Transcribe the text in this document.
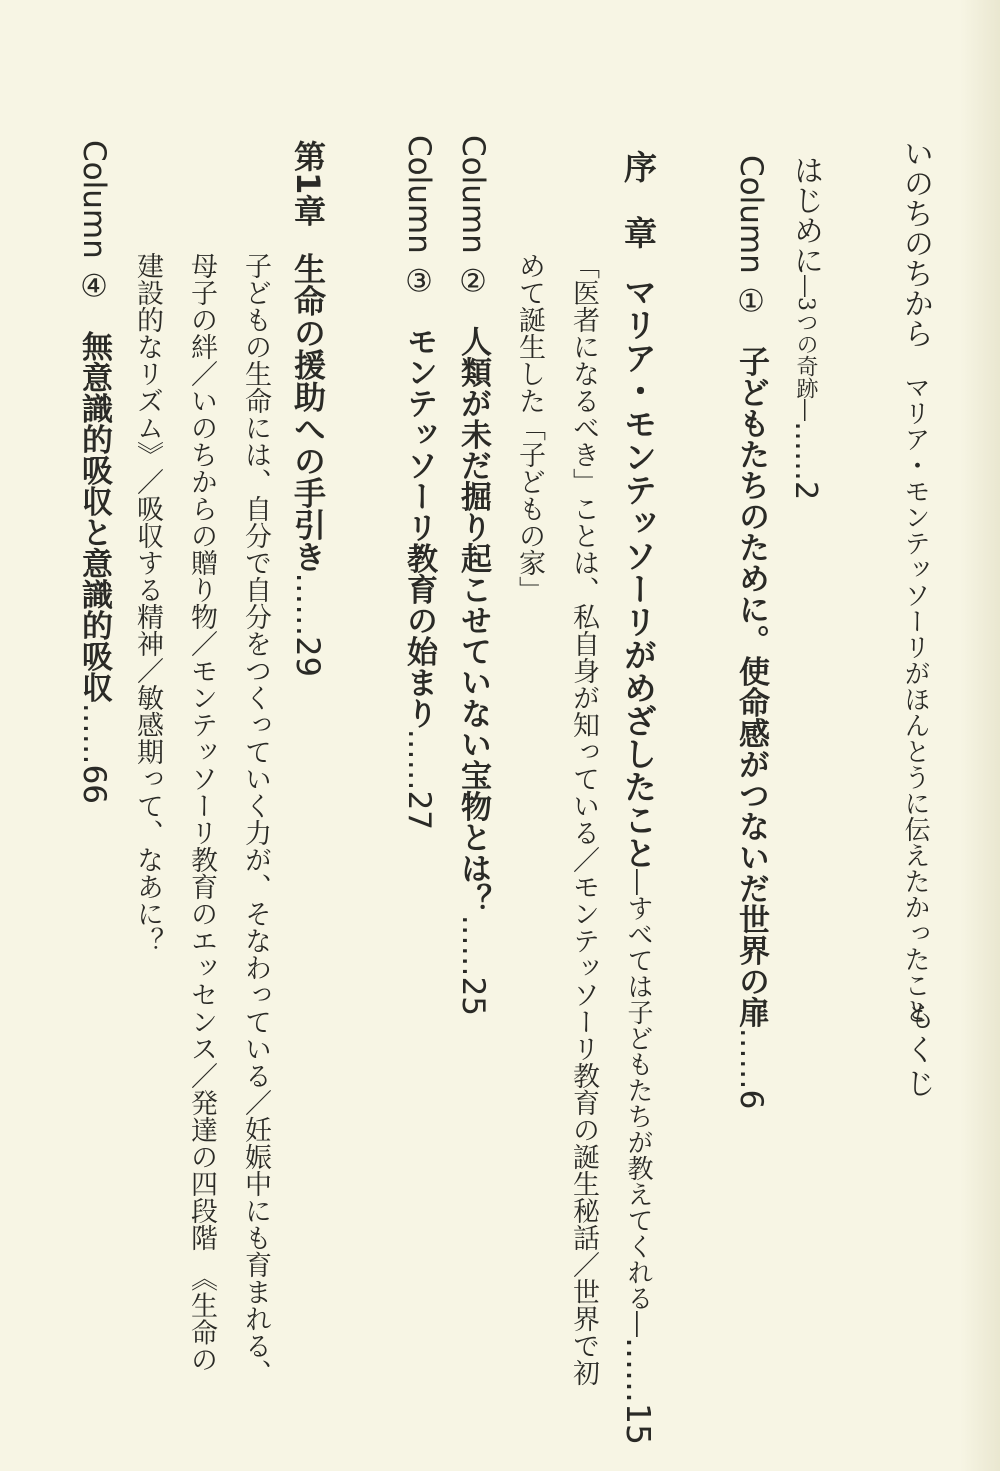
もくじ
いのちのちからマリア・モンテッソーリがほんとうに伝えたかったこと
はじめに―3つの奇跡―……2
Column ①子どもたちのために。使命感がつないだ世界の扉……6
序　章マリア・モンテッソーリがめざしたこと―すべては子どもたちが教えてくれる―……15
「医者になるべき」ことは、私自身が知っている／モンテッソーリ教育の誕生秘話／世界で初
めて誕生した「子どもの家」
Column ②人類が未だ掘り起こせていない宝物とは？……25
Column ③モンテッソーリ教育の始まり……27
第1章生命の援助への手引き……29
子どもの生命には、自分で自分をつくっていく力が、そなわっている／妊娠中にも育まれる、
母子の絆／いのちからの贈り物／モンテッソーリ教育のエッセンス／発達の四段階　《生命の
建設的なリズム》／吸収する精神／敏感期って、なあに？
Column ④無意識的吸収と意識的吸収……66
